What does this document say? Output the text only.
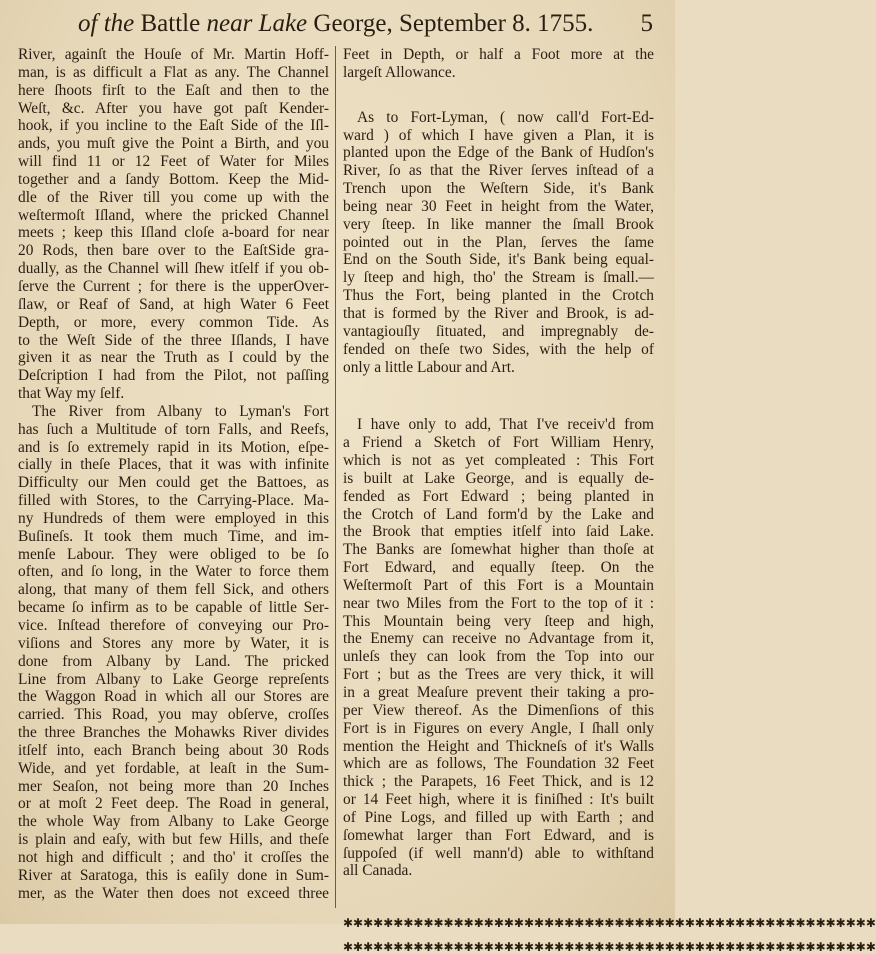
of the Battle near Lake George, September 8. 1755. 5

River, againſt the Houſe of Mr. Martin Hoff-

man, is as difficult a Flat as any. The Channel

here ſhoots firſt to the Eaſt and then to the

Weſt, &c. After you have got paſt Kender-

hook, if you incline to the Eaſt Side of the Iſl-

ands, you muſt give the Point a Birth, and you

will find 11 or 12 Feet of Water for Miles

together and a ſandy Bottom. Keep the Mid-

dle of the River till you come up with the

weſtermoſt Iſland, where the pricked Channel

meets ; keep this Iſland cloſe a-board for near

20 Rods, then bare over to the EaſtSide gra-

dually, as the Channel will ſhew itſelf if you ob-

ſerve the Current ; for there is the upperOver-

ſlaw, or Reaf of Sand, at high Water 6 Feet

Depth, or more, every common Tide. As

to the Weſt Side of the three Iſlands, I have

given it as near the Truth as I could by the

Deſcription I had from the Pilot, not paſſing

that Way my ſelf.

The River from Albany to Lyman's Fort

has ſuch a Multitude of torn Falls, and Reefs,

and is ſo extremely rapid in its Motion, eſpe-

cially in theſe Places, that it was with infinite

Difficulty our Men could get the Battoes, as

filled with Stores, to the Carrying-Place. Ma-

ny Hundreds of them were employed in this

Buſineſs. It took them much Time, and im-

menſe Labour. They were obliged to be ſo

often, and ſo long, in the Water to force them

along, that many of them fell Sick, and others

became ſo infirm as to be capable of little Ser-

vice. Inſtead therefore of conveying our Pro-

viſions and Stores any more by Water, it is

done from Albany by Land. The pricked

Line from Albany to Lake George repreſents

the Waggon Road in which all our Stores are

carried. This Road, you may obſerve, croſſes

the three Branches the Mohawks River divides

itſelf into, each Branch being about 30 Rods

Wide, and yet fordable, at leaſt in the Sum-

mer Seaſon, not being more than 20 Inches

or at moſt 2 Feet deep. The Road in general,

the whole Way from Albany to Lake George

is plain and eaſy, with but few Hills, and theſe

not high and difficult ; and tho' it croſſes the

River at Saratoga, this is eaſily done in Sum-

mer, as the Water then does not exceed three

Feet in Depth, or half a Foot more at the

largeſt Allowance.

As to Fort-Lyman, ( now call'd Fort-Ed-

ward ) of which I have given a Plan, it is

planted upon the Edge of the Bank of Hudſon's

River, ſo as that the River ſerves inſtead of a

Trench upon the Weſtern Side, it's Bank

being near 30 Feet in height from the Water,

very ſteep. In like manner the ſmall Brook

pointed out in the Plan, ſerves the ſame

End on the South Side, it's Bank being equal-

ly ſteep and high, tho' the Stream is ſmall.—

Thus the Fort, being planted in the Crotch

that is formed by the River and Brook, is ad-

vantagiouſly ſituated, and impregnably de-

fended on theſe two Sides, with the help of

only a little Labour and Art.

I have only to add, That I've receiv'd from

a Friend a Sketch of Fort William Henry,

which is not as yet compleated : This Fort

is built at Lake George, and is equally de-

fended as Fort Edward ; being planted in

the Crotch of Land form'd by the Lake and

the Brook that empties itſelf into ſaid Lake.

The Banks are ſomewhat higher than thoſe at

Fort Edward, and equally ſteep. On the

Weſtermoſt Part of this Fort is a Mountain

near two Miles from the Fort to the top of it :

This Mountain being very ſteep and high,

the Enemy can receive no Advantage from it,

unleſs they can look from the Top into our

Fort ; but as the Trees are very thick, it will

in a great Meaſure prevent their taking a pro-

per View thereof. As the Dimenſions of this

Fort is in Figures on every Angle, I ſhall only

mention the Height and Thickneſs of it's Walls

which are as follows, The Foundation 32 Feet

thick ; the Parapets, 16 Feet Thick, and is 12

or 14 Feet high, where it is finiſhed : It's built

of Pine Logs, and filled up with Earth ; and

ſomewhat larger than Fort Edward, and is

ſuppoſed (if well mann'd) able to withſtand

all Canada.

✱✱✱✱✱✱✱✱✱✱✱✱✱✱✱✱✱✱✱✱✱✱✱✱✱✱✱✱✱✱✱✱✱✱✱✱✱✱✱✱✱✱✱✱✱✱✱✱✱✱✱✱✱
✱✱✱✱✱✱✱✱✱✱✱✱✱✱✱✱✱✱✱✱✱✱✱✱✱✱✱✱✱✱✱✱✱✱✱✱✱✱✱✱✱✱✱✱✱✱✱✱✱✱✱✱✱
